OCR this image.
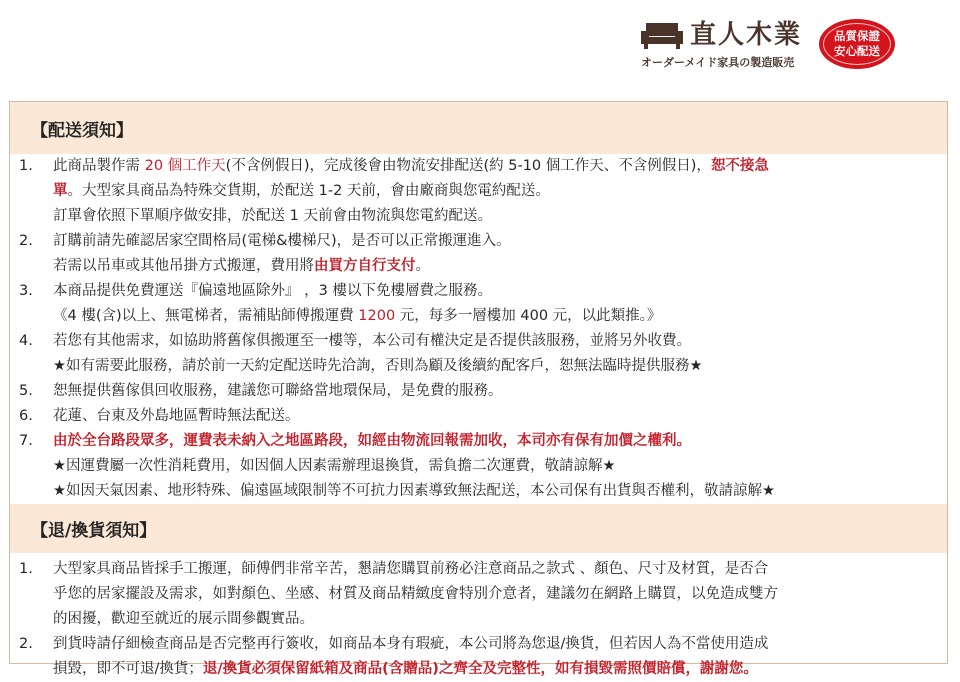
直人木業
オーダーメイド家具の製造販売
品質保證
安心配送
【配送須知】
1. 此商品製作需 20 個工作天(不含例假日)，完成後會由物流安排配送(約 5-10 個工作天、不含例假日)，恕不接急
單。大型家具商品為特殊交貨期，於配送 1-2 天前，會由廠商與您電約配送。
訂單會依照下單順序做安排，於配送 1 天前會由物流與您電約配送。
2. 訂購前請先確認居家空間格局(電梯&樓梯尺)，是否可以正常搬運進入。
若需以吊車或其他吊掛方式搬運，費用將由買方自行支付。
3. 本商品提供免費運送『偏遠地區除外』 ，3 樓以下免樓層費之服務。
《4 樓(含)以上、無電梯者，需補貼師傅搬運費 1200 元，每多一層樓加 400 元，以此類推。》
4. 若您有其他需求，如協助將舊傢俱搬運至一樓等，本公司有權決定是否提供該服務，並將另外收費。
★如有需要此服務，請於前一天約定配送時先洽詢，否則為顧及後續約配客戶，恕無法臨時提供服務★
5. 恕無提供舊傢俱回收服務，建議您可聯絡當地環保局，是免費的服務。
6. 花蓮、台東及外島地區暫時無法配送。
7. 由於全台路段眾多，運費表未納入之地區路段，如經由物流回報需加收，本司亦有保有加價之權利。
★因運費屬一次性消耗費用，如因個人因素需辦理退換貨，需負擔二次運費，敬請諒解★
★如因天氣因素、地形特殊、偏遠區域限制等不可抗力因素導致無法配送，本公司保有出貨與否權利，敬請諒解★
【退/換貨須知】
1. 大型家具商品皆採手工搬運，師傅們非常辛苦，懇請您購買前務必注意商品之款式 、顏色、尺寸及材質，是否合
乎您的居家擺設及需求，如對顏色、坐感、材質及商品精緻度會特別介意者，建議勿在網路上購買，以免造成雙方
的困擾，歡迎至就近的展示間參觀實品。
2. 到貨時請仔細檢查商品是否完整再行簽收，如商品本身有瑕疵，本公司將為您退/換貨，但若因人為不當使用造成
損毀，即不可退/換貨；退/換貨必須保留紙箱及商品(含贈品)之齊全及完整性，如有損毀需照價賠償，謝謝您。
